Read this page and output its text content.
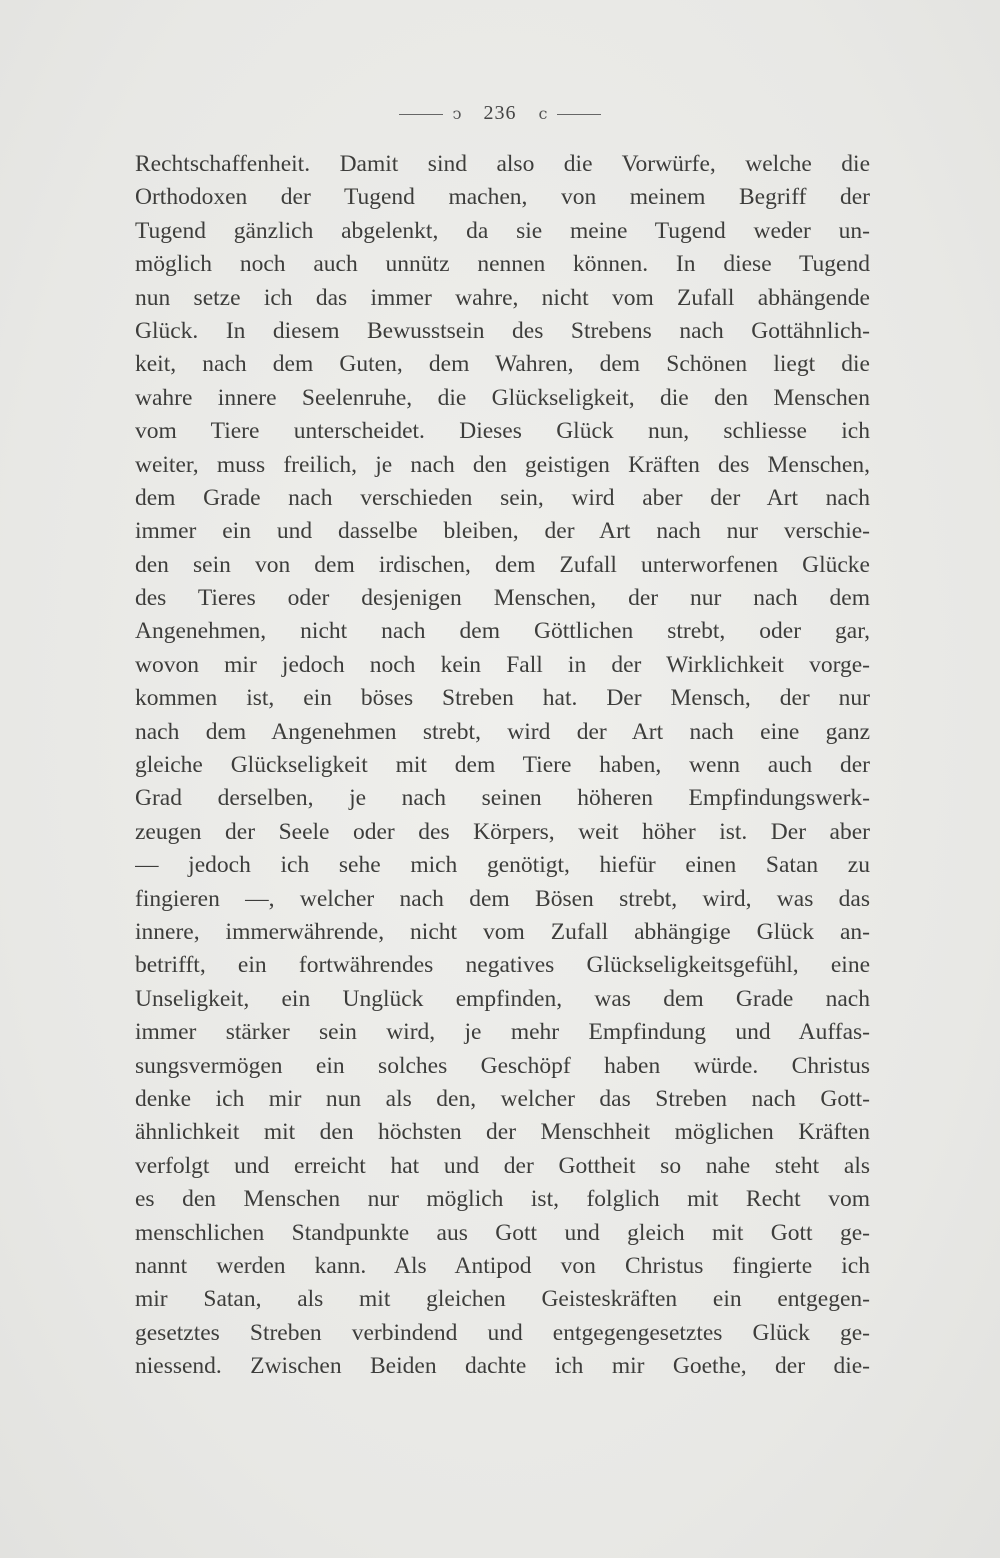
ↄ 236 c
Rechtschaffenheit. Damit sind also die Vorwürfe, welche die
Orthodoxen der Tugend machen, von meinem Begriff der
Tugend gänzlich abgelenkt, da sie meine Tugend weder un-
möglich noch auch unnütz nennen können. In diese Tugend
nun setze ich das immer wahre, nicht vom Zufall abhängende
Glück. In diesem Bewusstsein des Strebens nach Gottähnlich-
keit, nach dem Guten, dem Wahren, dem Schönen liegt die
wahre innere Seelenruhe, die Glückseligkeit, die den Menschen
vom Tiere unterscheidet. Dieses Glück nun, schliesse ich
weiter, muss freilich, je nach den geistigen Kräften des Menschen,
dem Grade nach verschieden sein, wird aber der Art nach
immer ein und dasselbe bleiben, der Art nach nur verschie-
den sein von dem irdischen, dem Zufall unterworfenen Glücke
des Tieres oder desjenigen Menschen, der nur nach dem
Angenehmen, nicht nach dem Göttlichen strebt, oder gar,
wovon mir jedoch noch kein Fall in der Wirklichkeit vorge-
kommen ist, ein böses Streben hat. Der Mensch, der nur
nach dem Angenehmen strebt, wird der Art nach eine ganz
gleiche Glückseligkeit mit dem Tiere haben, wenn auch der
Grad derselben, je nach seinen höheren Empfindungswerk-
zeugen der Seele oder des Körpers, weit höher ist. Der aber
— jedoch ich sehe mich genötigt, hiefür einen Satan zu
fingieren —, welcher nach dem Bösen strebt, wird, was das
innere, immerwährende, nicht vom Zufall abhängige Glück an-
betrifft, ein fortwährendes negatives Glückseligkeitsgefühl, eine
Unseligkeit, ein Unglück empfinden, was dem Grade nach
immer stärker sein wird, je mehr Empfindung und Auffas-
sungsvermögen ein solches Geschöpf haben würde. Christus
denke ich mir nun als den, welcher das Streben nach Gott-
ähnlichkeit mit den höchsten der Menschheit möglichen Kräften
verfolgt und erreicht hat und der Gottheit so nahe steht als
es den Menschen nur möglich ist, folglich mit Recht vom
menschlichen Standpunkte aus Gott und gleich mit Gott ge-
nannt werden kann. Als Antipod von Christus fingierte ich
mir Satan, als mit gleichen Geisteskräften ein entgegen-
gesetztes Streben verbindend und entgegengesetztes Glück ge-
niessend. Zwischen Beiden dachte ich mir Goethe, der die-
